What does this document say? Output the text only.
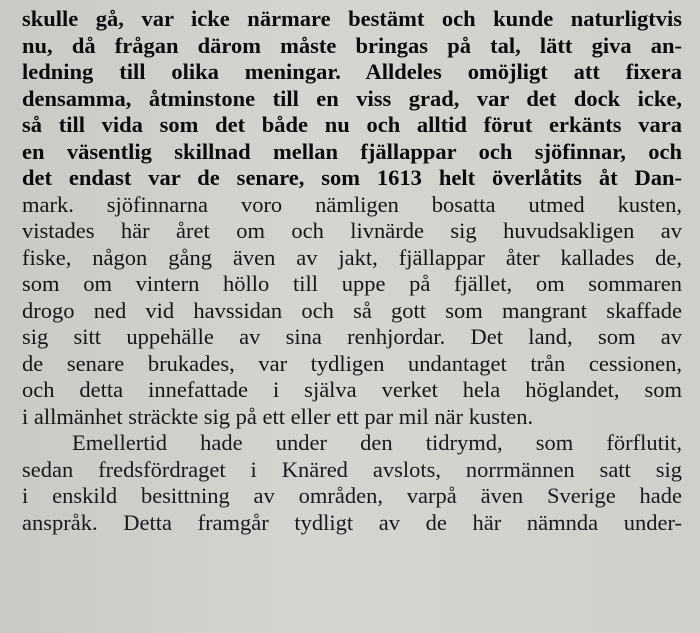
skulle gå, var icke närmare bestämt och kunde naturligtvis
nu, då frågan därom måste bringas på tal, lätt giva an-
ledning till olika meningar. Alldeles omöjligt att fixera
densamma, åtminstone till en viss grad, var det dock icke,
så till vida som det både nu och alltid förut erkänts vara
en väsentlig skillnad mellan fjällappar och sjöfinnar, och
det endast var de senare, som 1613 helt överlåtits åt Dan-
mark. sjöfinnarna voro nämligen bosatta utmed kusten,
vistades här året om och livnärde sig huvudsakligen av
fiske, någon gång även av jakt, fjällappar åter kallades de,
som om vintern höllo till uppe på fjället, om sommaren
drogo ned vid havssidan och så gott som mangrant skaffade
sig sitt uppehälle av sina renhjordar. Det land, som av
de senare brukades, var tydligen undantaget trån cessionen,
och detta innefattade i själva verket hela höglandet, som
i allmänhet sträckte sig på ett eller ett par mil när kusten.
Emellertid hade under den tidrymd, som förflutit,
sedan fredsfördraget i Knäred avslots, norrmännen satt sig
i enskild besittning av områden, varpå även Sverige hade
anspråk. Detta framgår tydligt av de här nämnda under-
